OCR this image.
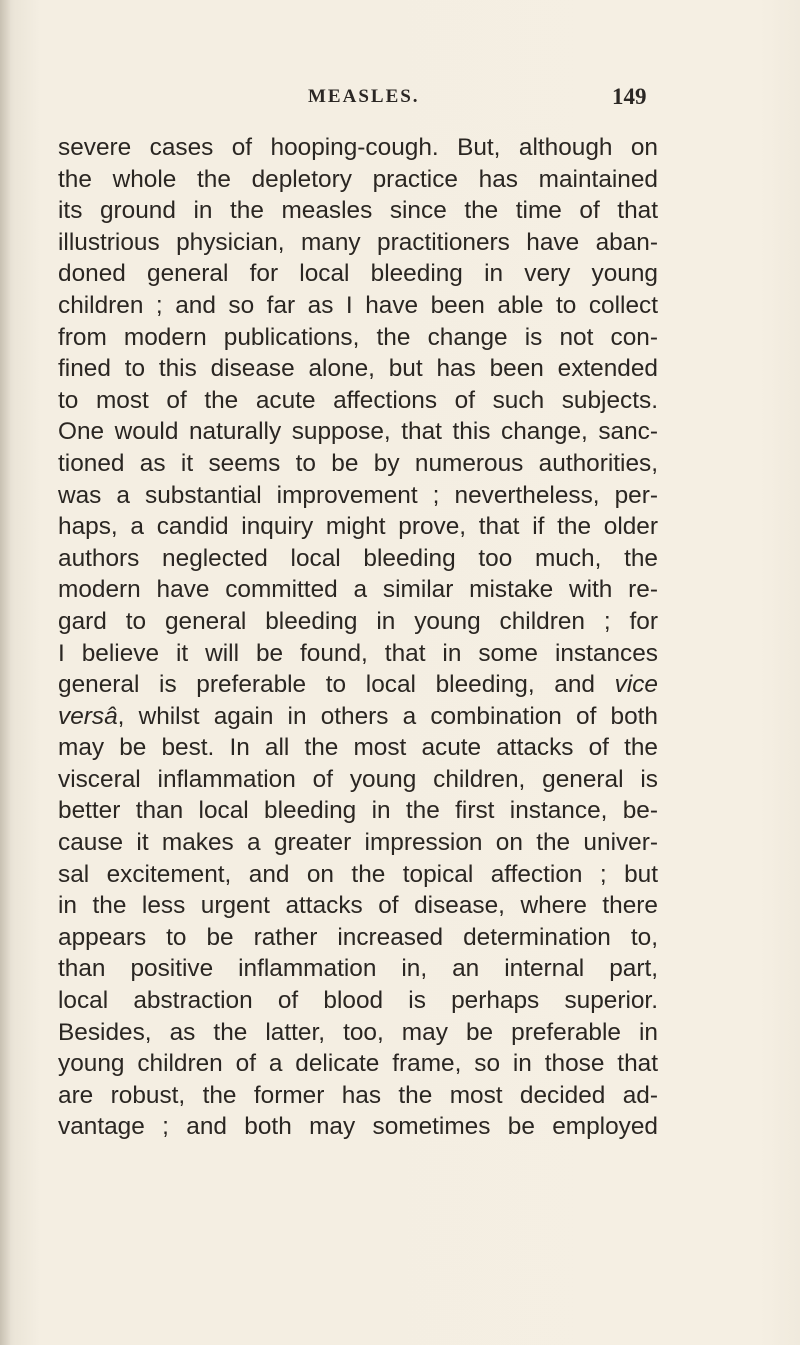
MEASLES.	149
severe cases of hooping-cough. But, although on
the whole the depletory practice has maintained
its ground in the measles since the time of that
illustrious physician, many practitioners have aban-
doned general for local bleeding in very young
children ; and so far as I have been able to collect
from modern publications, the change is not con-
fined to this disease alone, but has been extended
to most of the acute affections of such subjects.
One would naturally suppose, that this change, sanc-
tioned as it seems to be by numerous authorities,
was a substantial improvement ; nevertheless, per-
haps, a candid inquiry might prove, that if the older
authors neglected local bleeding too much, the
modern have committed a similar mistake with re-
gard to general bleeding in young children ; for
I believe it will be found, that in some instances
general is preferable to local bleeding, and vice
versâ, whilst again in others a combination of both
may be best. In all the most acute attacks of the
visceral inflammation of young children, general is
better than local bleeding in the first instance, be-
cause it makes a greater impression on the univer-
sal excitement, and on the topical affection ; but
in the less urgent attacks of disease, where there
appears to be rather increased determination to,
than positive inflammation in, an internal part,
local abstraction of blood is perhaps superior.
Besides, as the latter, too, may be preferable in
young children of a delicate frame, so in those that
are robust, the former has the most decided ad-
vantage ; and both may sometimes be employed
